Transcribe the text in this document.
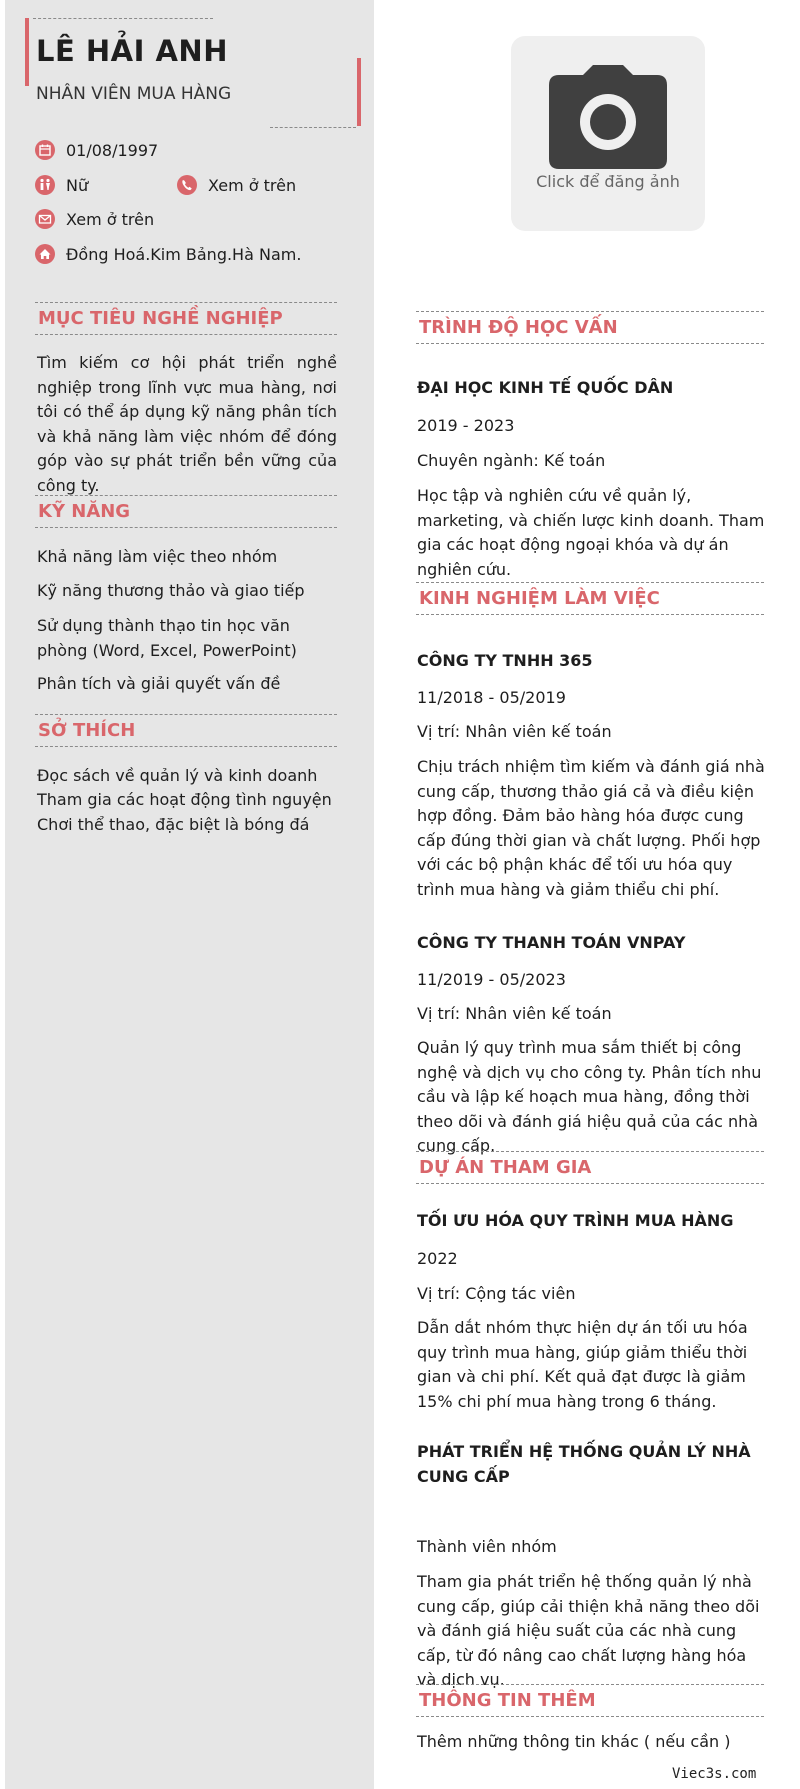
LÊ HẢI ANH
NHÂN VIÊN MUA HÀNG
01/08/1997
Nữ	Xem ở trên
Xem ở trên
Đồng Hoá.Kim Bảng.Hà Nam.
MỤC TIÊU NGHỀ NGHIỆP
Tìm kiếm cơ hội phát triển nghề nghiệp trong lĩnh vực mua hàng, nơi tôi có thể áp dụng kỹ năng phân tích và khả năng làm việc nhóm để đóng góp vào sự phát triển bền vững của công ty.
KỸ NĂNG
Khả năng làm việc theo nhóm
Kỹ năng thương thảo và giao tiếp
Sử dụng thành thạo tin học văn phòng (Word, Excel, PowerPoint)
Phân tích và giải quyết vấn đề
SỞ THÍCH
Đọc sách về quản lý và kinh doanh
Tham gia các hoạt động tình nguyện
Chơi thể thao, đặc biệt là bóng đá
Click để đăng ảnh
TRÌNH ĐỘ HỌC VẤN
ĐẠI HỌC KINH TẾ QUỐC DÂN
2019 - 2023
Chuyên ngành: Kế toán
Học tập và nghiên cứu về quản lý, marketing, và chiến lược kinh doanh. Tham gia các hoạt động ngoại khóa và dự án nghiên cứu.
KINH NGHIỆM LÀM VIỆC
CÔNG TY TNHH 365
11/2018 - 05/2019
Vị trí: Nhân viên kế toán
Chịu trách nhiệm tìm kiếm và đánh giá nhà cung cấp, thương thảo giá cả và điều kiện hợp đồng. Đảm bảo hàng hóa được cung cấp đúng thời gian và chất lượng. Phối hợp với các bộ phận khác để tối ưu hóa quy trình mua hàng và giảm thiểu chi phí.
CÔNG TY THANH TOÁN VNPAY
11/2019 - 05/2023
Vị trí: Nhân viên kế toán
Quản lý quy trình mua sắm thiết bị công nghệ và dịch vụ cho công ty. Phân tích nhu cầu và lập kế hoạch mua hàng, đồng thời theo dõi và đánh giá hiệu quả của các nhà cung cấp.
DỰ ÁN THAM GIA
TỐI ƯU HÓA QUY TRÌNH MUA HÀNG
2022
Vị trí: Cộng tác viên
Dẫn dắt nhóm thực hiện dự án tối ưu hóa quy trình mua hàng, giúp giảm thiểu thời gian và chi phí. Kết quả đạt được là giảm 15% chi phí mua hàng trong 6 tháng.
PHÁT TRIỂN HỆ THỐNG QUẢN LÝ NHÀ CUNG CẤP
Thành viên nhóm
Tham gia phát triển hệ thống quản lý nhà cung cấp, giúp cải thiện khả năng theo dõi và đánh giá hiệu suất của các nhà cung cấp, từ đó nâng cao chất lượng hàng hóa và dịch vụ.
THÔNG TIN THÊM
Thêm những thông tin khác ( nếu cần )
Viec3s.com
